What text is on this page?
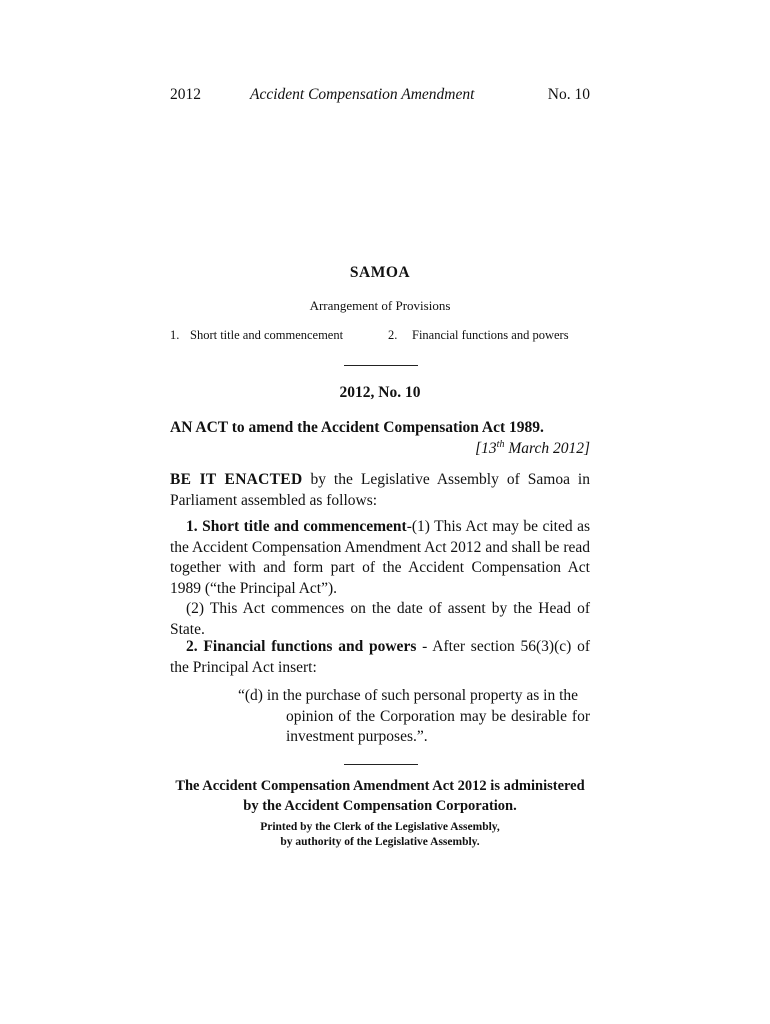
2012	Accident Compensation Amendment	No. 10
SAMOA
Arrangement of Provisions
1. Short title and commencement	2. Financial functions and powers
2012, No. 10
AN ACT to amend the Accident Compensation Act 1989.
[13th March 2012]
BE IT ENACTED by the Legislative Assembly of Samoa in Parliament assembled as follows:
1. Short title and commencement-(1) This Act may be cited as the Accident Compensation Amendment Act 2012 and shall be read together with and form part of the Accident Compensation Act 1989 (“the Principal Act”).
(2) This Act commences on the date of assent by the Head of State.
2. Financial functions and powers - After section 56(3)(c) of the Principal Act insert:
“(d) in the purchase of such personal property as in the
opinion of the Corporation may be desirable for investment purposes.”.
The Accident Compensation Amendment Act 2012 is administered
by the Accident Compensation Corporation.
Printed by the Clerk of the Legislative Assembly,
by authority of the Legislative Assembly.
